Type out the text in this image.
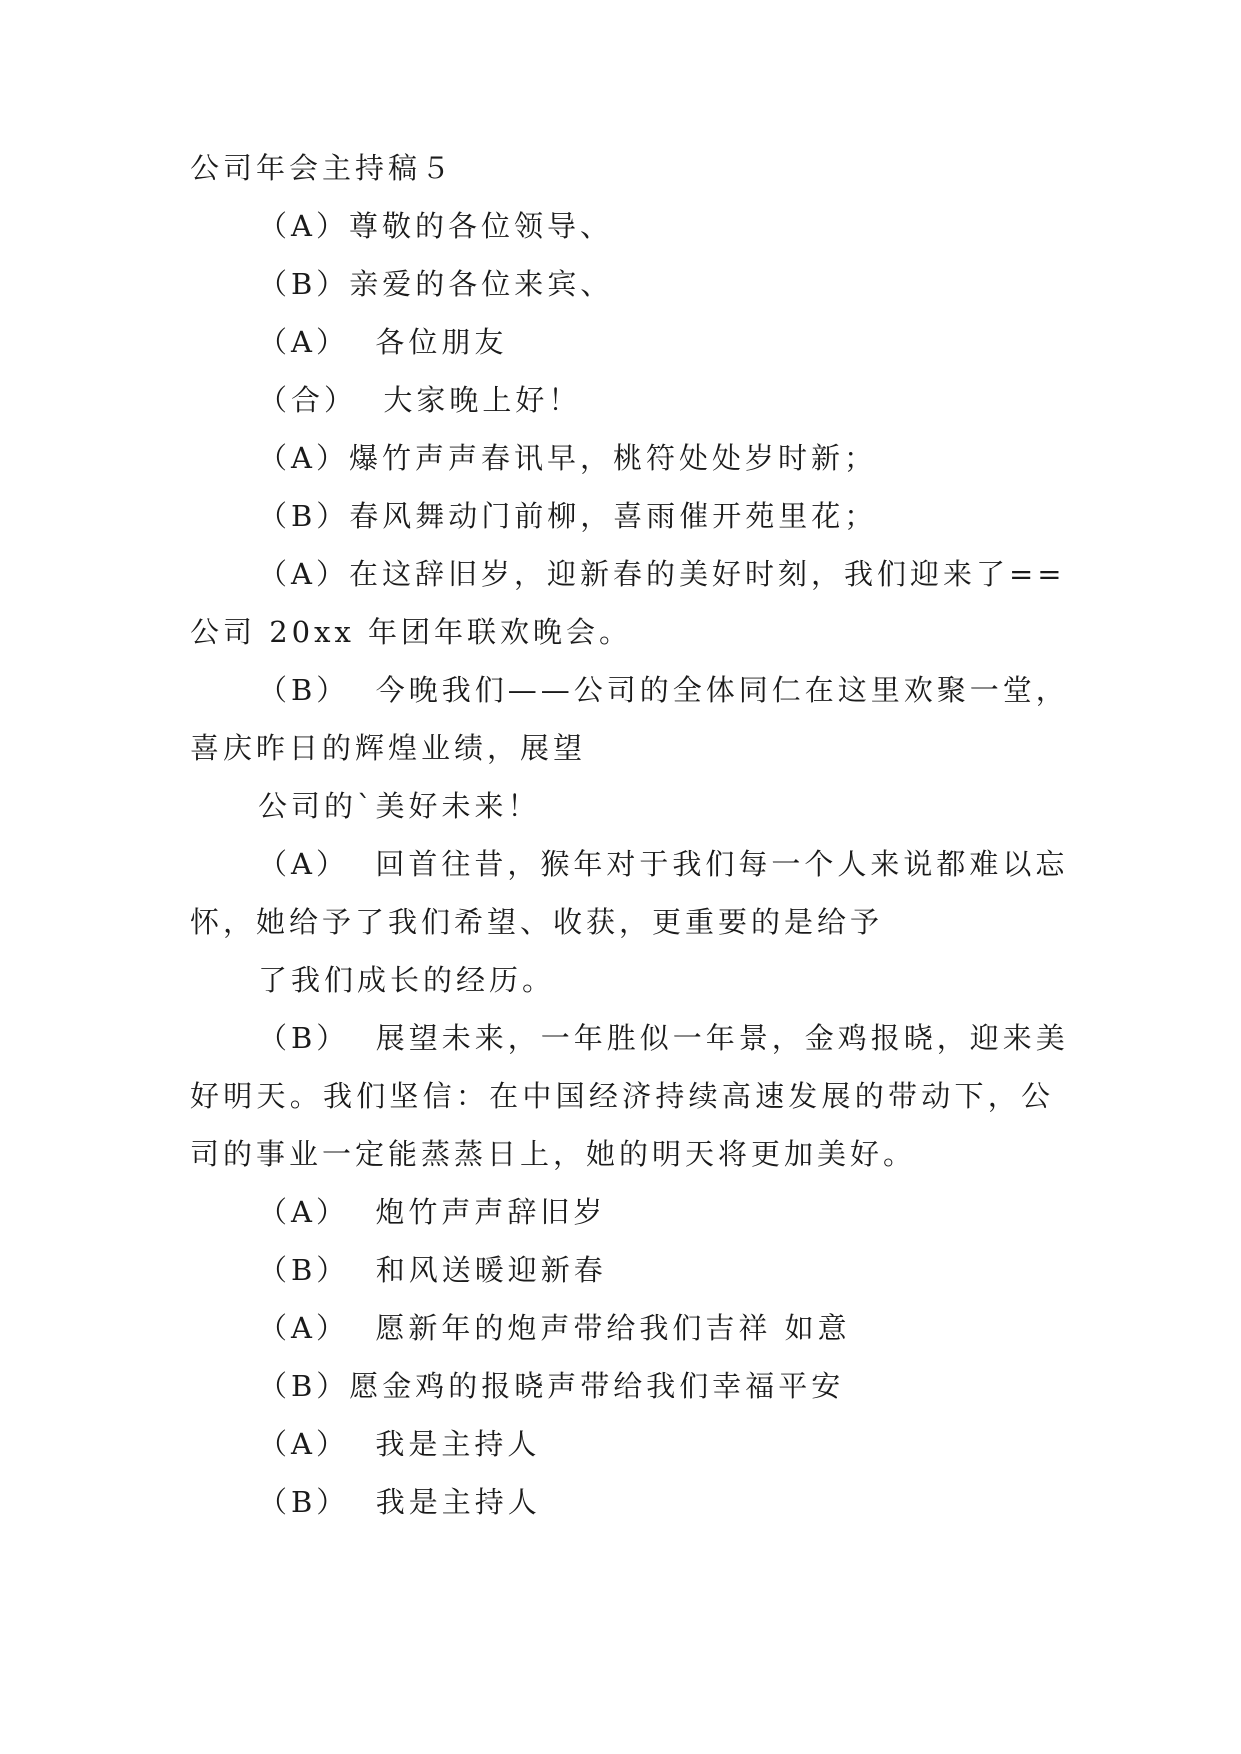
公司年会主持稿５
（A）尊敬的各位领导、
（B）亲爱的各位来宾、
（A）  各位朋友
（合）  大家晚上好！
（A）爆竹声声春讯早，桃符处处岁时新；
（B）春风舞动门前柳，喜雨催开苑里花；
（A）在这辞旧岁，迎新春的美好时刻，我们迎来了==
公司 20xx 年团年联欢晚会。
（B）  今晚我们——公司的全体同仁在这里欢聚一堂，
喜庆昨日的辉煌业绩，展望
公司的`美好未来！
（A）  回首往昔，猴年对于我们每一个人来说都难以忘
怀，她给予了我们希望、收获，更重要的是给予
了我们成长的经历。
（B）  展望未来，一年胜似一年景，金鸡报晓，迎来美
好明天。我们坚信：在中国经济持续高速发展的带动下，公
司的事业一定能蒸蒸日上，她的明天将更加美好。
（A）  炮竹声声辞旧岁
（B）  和风送暖迎新春
（A）  愿新年的炮声带给我们吉祥 如意
（B）愿金鸡的报晓声带给我们幸福平安
（A）  我是主持人
（B）  我是主持人
